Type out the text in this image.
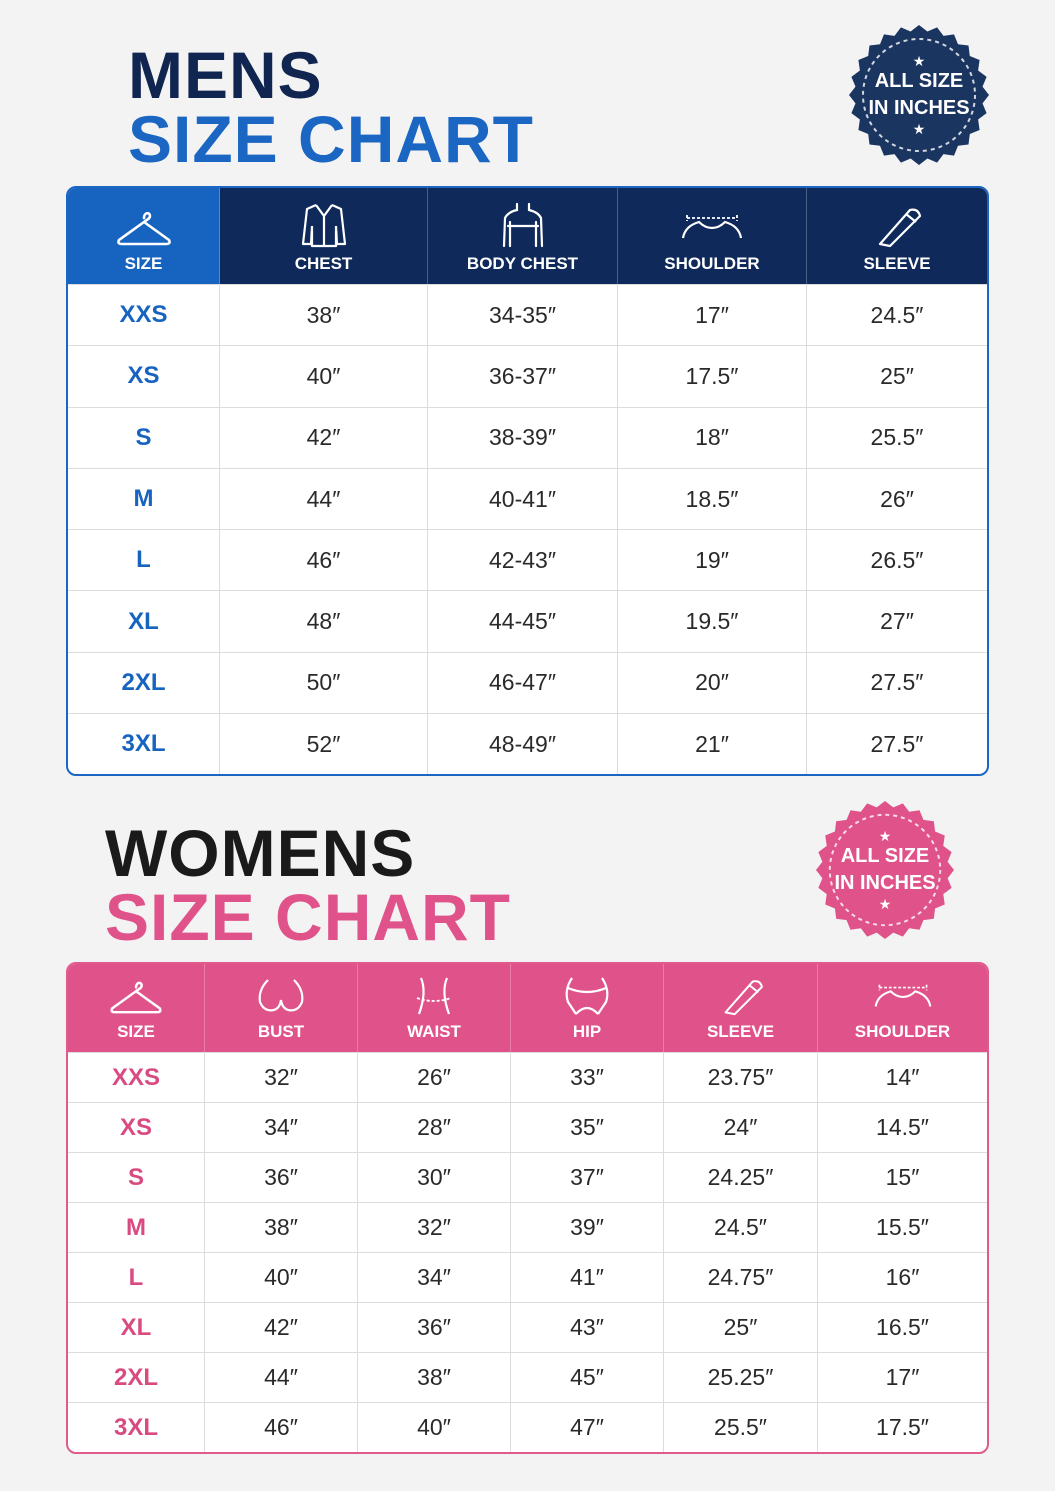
MENS
SIZE CHART
★
ALL SIZE
IN INCHES
★
SIZE	CHEST	BODY CHEST	SHOULDER	SLEEVE
XXS	38″	34-35″	17″	24.5″
XS	40″	36-37″	17.5″	25″
S	42″	38-39″	18″	25.5″
M	44″	40-41″	18.5″	26″
L	46″	42-43″	19″	26.5″
XL	48″	44-45″	19.5″	27″
2XL	50″	46-47″	20″	27.5″
3XL	52″	48-49″	21″	27.5″
WOMENS
SIZE CHART
★
ALL SIZE
IN INCHES
★
SIZE	BUST	WAIST	HIP	SLEEVE	SHOULDER
XXS	32″	26″	33″	23.75″	14″
XS	34″	28″	35″	24″	14.5″
S	36″	30″	37″	24.25″	15″
M	38″	32″	39″	24.5″	15.5″
L	40″	34″	41″	24.75″	16″
XL	42″	36″	43″	25″	16.5″
2XL	44″	38″	45″	25.25″	17″
3XL	46″	40″	47″	25.5″	17.5″
